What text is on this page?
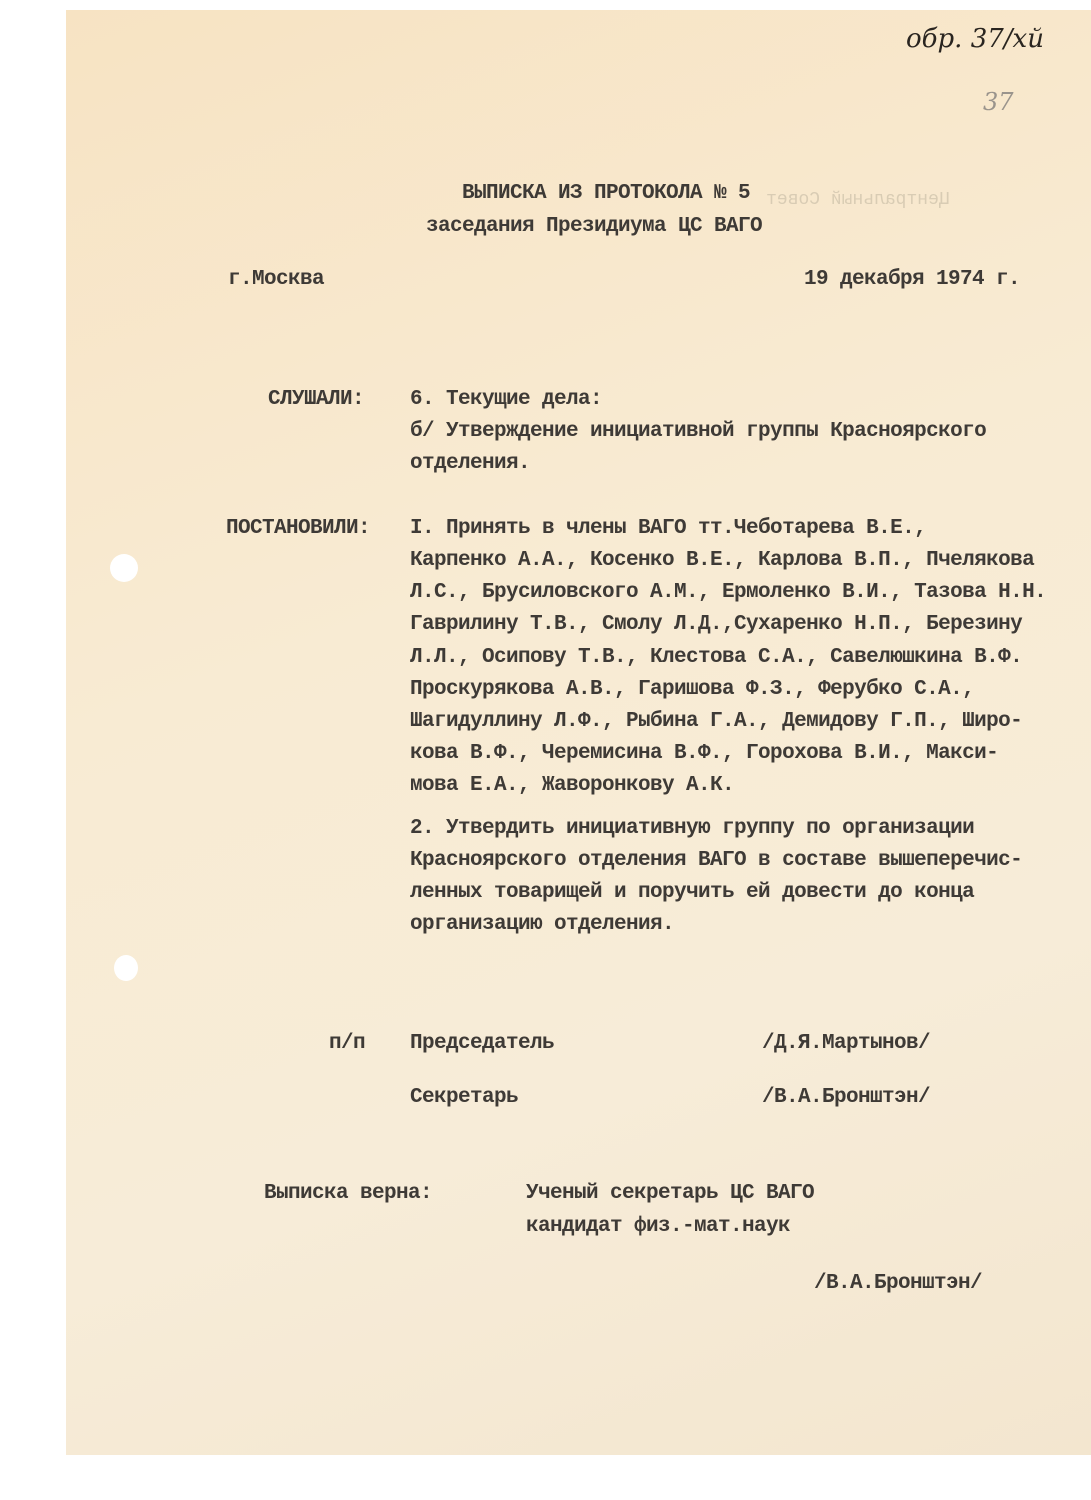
Центральный Совет
обр. 37/хй
37
ВЫПИСКА ИЗ ПРОТОКОЛА № 5
заседания Президиума ЦС ВАГО
г.Москва	19 декабря 1974 г.
СЛУШАЛИ: 6. Текущие дела:
б/ Утверждение инициативной группы Красноярского
отделения.
ПОСТАНОВИЛИ: I. Принять в члены ВАГО тт.Чеботарева В.Е.,
Карпенко А.А., Косенко В.Е., Карлова В.П., Пчелякова
Л.С., Брусиловского А.М., Ермоленко В.И., Тазова Н.Н.
Гаврилину Т.В., Смолу Л.Д.,Сухаренко Н.П., Березину
Л.Л., Осипову Т.В., Клестова С.А., Савелюшкина В.Ф.
Проскурякова А.В., Гаришова Ф.З., Ферубко С.А.,
Шагидуллину Л.Ф., Рыбина Г.А., Демидову Г.П., Широ-
кова В.Ф., Черемисина В.Ф., Горохова В.И., Макси-
мова Е.А., Жаворонкову А.К.
2. Утвердить инициативную группу по организации
Красноярского отделения ВАГО в составе вышеперечис-
ленных товарищей и поручить ей довести до конца
организацию отделения.
п/п Председатель	/Д.Я.Мартынов/
Секретарь	/В.А.Бронштэн/
Выписка верна:	Ученый секретарь ЦС ВАГО
кандидат физ.-мат.наук
/В.А.Бронштэн/
